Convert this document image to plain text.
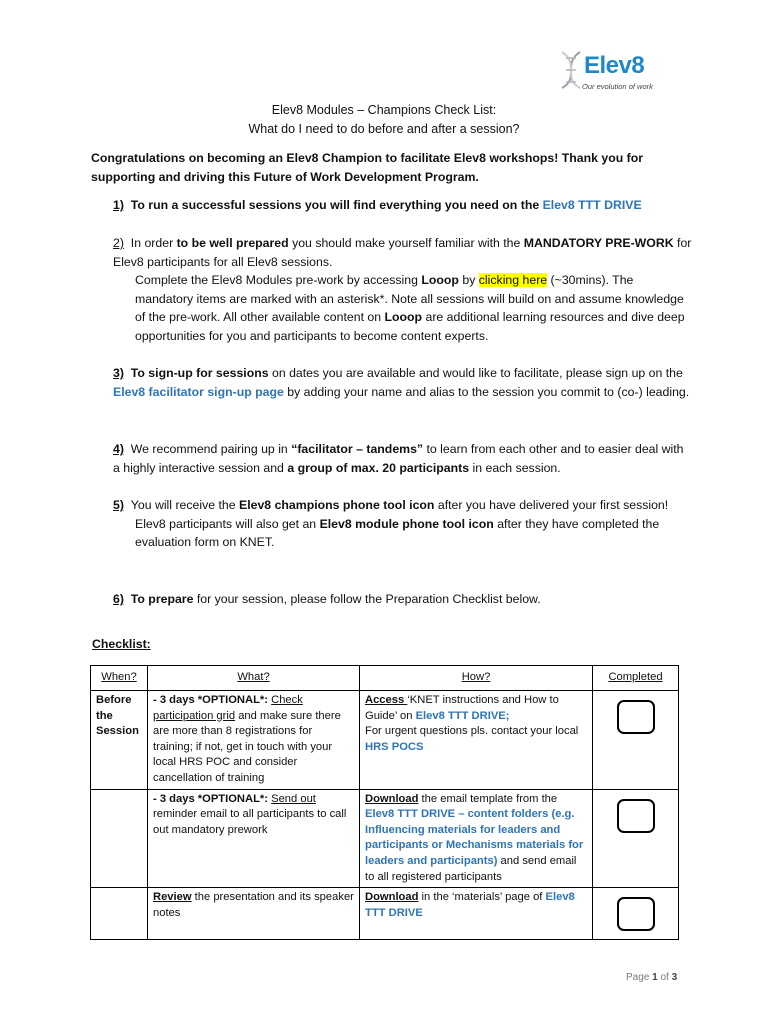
Elev8
Our evolution of work
Elev8 Modules – Champions Check List:
What do I need to do before and after a session?
Congratulations on becoming an Elev8 Champion to facilitate Elev8 workshops! Thank you for supporting and driving this Future of Work Development Program.
1) To run a successful sessions you will find everything you need on the Elev8 TTT DRIVE
2) In order to be well prepared you should make yourself familiar with the MANDATORY PRE-WORK for Elev8 participants for all Elev8 sessions.
Complete the Elev8 Modules pre-work by accessing Looop by clicking here (~30mins). The mandatory items are marked with an asterisk*. Note all sessions will build on and assume knowledge of the pre-work. All other available content on Looop are additional learning resources and dive deep opportunities for you and participants to become content experts.
3) To sign-up for sessions on dates you are available and would like to facilitate, please sign up on the Elev8 facilitator sign-up page by adding your name and alias to the session you commit to (co-) leading.
4) We recommend pairing up in “facilitator – tandems” to learn from each other and to easier deal with a highly interactive session and a group of max. 20 participants in each session.
5) You will receive the Elev8 champions phone tool icon after you have delivered your first session!
Elev8 participants will also get an Elev8 module phone tool icon after they have completed the evaluation form on KNET.
6) To prepare for your session, please follow the Preparation Checklist below.
Checklist:
When?	What?	How?	Completed
Before the Session	- 3 days *OPTIONAL*: Check participation grid and make sure there are more than 8 registrations for training; if not, get in touch with your local HRS POC and consider cancellation of training	Access ‘KNET instructions and How to Guide’ on Elev8 TTT DRIVE;
For urgent questions pls. contact your local
HRS POCS	
	- 3 days *OPTIONAL*: Send out reminder email to all participants to call out mandatory prework	Download the email template from the Elev8 TTT DRIVE – content folders (e.g. Influencing materials for leaders and participants or Mechanisms materials for leaders and participants) and send email to all registered participants	
	Review the presentation and its speaker notes	Download in the ‘materials’ page of Elev8 TTT DRIVE	
Page 1 of 3
